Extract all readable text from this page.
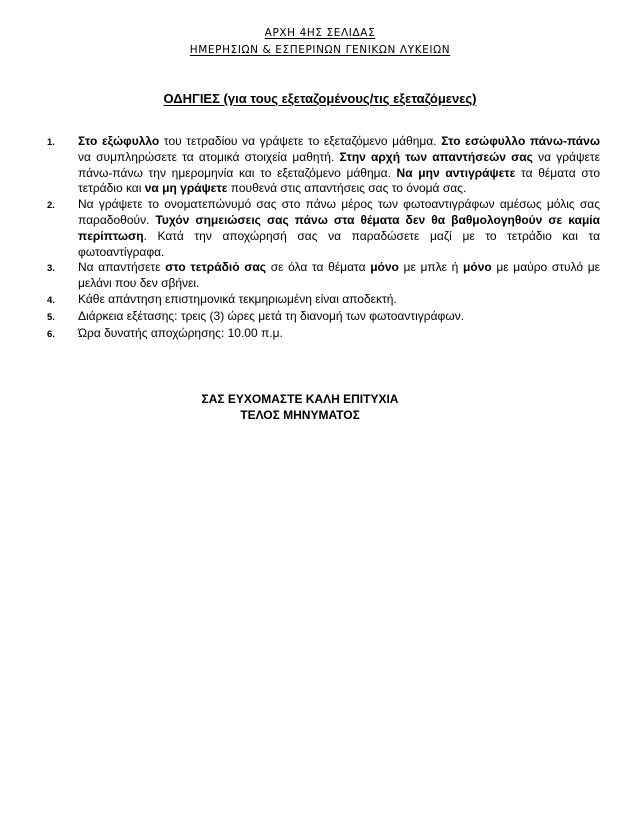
ΑΡΧΗ 4ΗΣ ΣΕΛΙΔΑΣ
ΗΜΕΡΗΣΙΩΝ & ΕΣΠΕΡΙΝΩΝ ΓΕΝΙΚΩΝ ΛΥΚΕΙΩΝ
ΟΔΗΓΙΕΣ (για τους εξεταζομένους/τις εξεταζόμενες)
1.	Στο εξώφυλλο του τετραδίου να γράψετε το εξεταζόμενο μάθημα. Στο εσώφυλλο πάνω-πάνω να συμπληρώσετε τα ατομικά στοιχεία μαθητή. Στην αρχή των απαντήσεών σας να γράψετε πάνω-πάνω την ημερομηνία και το εξεταζόμενο μάθημα. Να μην αντιγράψετε τα θέματα στο τετράδιο και να μη γράψετε πουθενά στις απαντήσεις σας το όνομά σας.
2.	Να γράψετε το ονοματεπώνυμό σας στο πάνω μέρος των φωτοαντιγράφων αμέσως μόλις σας παραδοθούν. Τυχόν σημειώσεις σας πάνω στα θέματα δεν θα βαθμολογηθούν σε καμία περίπτωση. Κατά την αποχώρησή σας να παραδώσετε μαζί με το τετράδιο και τα φωτοαντίγραφα.
3.	Να απαντήσετε στο τετράδιό σας σε όλα τα θέματα μόνο με μπλε ή μόνο με μαύρο στυλό με μελάνι που δεν σβήνει.
4.	Κάθε απάντηση επιστημονικά τεκμηριωμένη είναι αποδεκτή.
5.	Διάρκεια εξέτασης: τρεις (3) ώρες μετά τη διανομή των φωτοαντιγράφων.
6.	Ώρα δυνατής αποχώρησης: 10.00 π.μ.
ΣΑΣ ΕΥΧΟΜΑΣΤΕ ΚΑΛΗ ΕΠΙΤΥΧΙΑ
ΤΕΛΟΣ ΜΗΝΥΜΑΤΟΣ
